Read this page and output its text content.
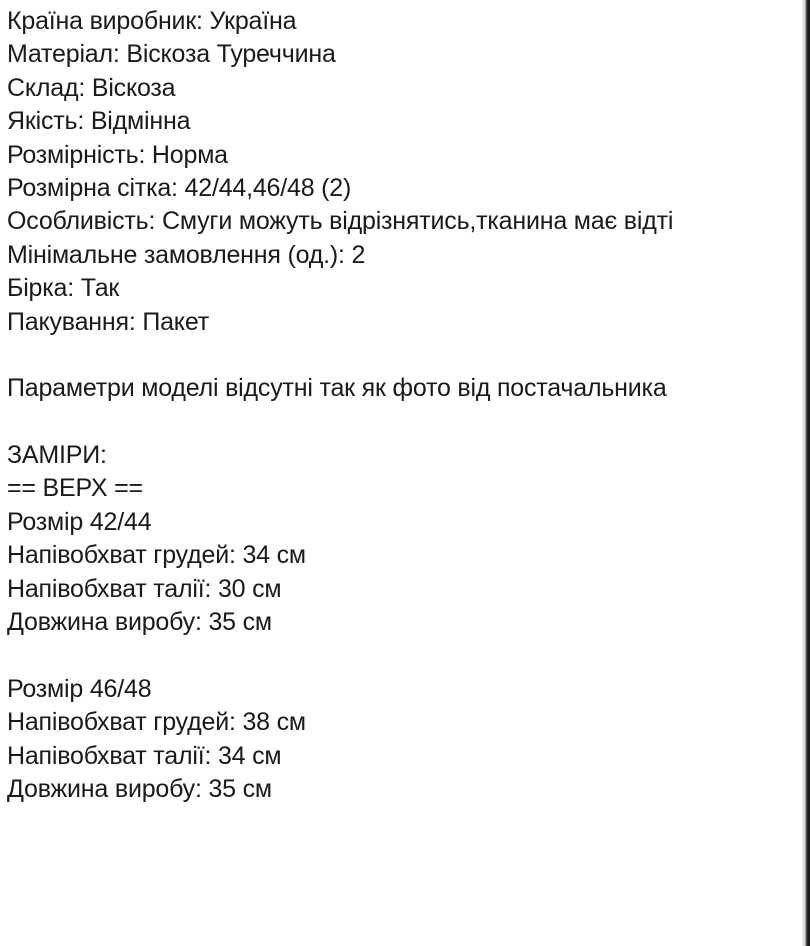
Країна виробник: Україна
Матеріал: Віскоза Туреччина
Склад: Віскоза
Якість: Відмінна
Розмірність: Норма
Розмірна сітка: 42/44,46/48 (2)
Особливість: Смуги можуть відрізнятись,тканина має відті
Мінімальне замовлення (од.): 2
Бірка: Так
Пакування: Пакет
Параметри моделі відсутні так як фото від постачальника
ЗАМІРИ:
== ВЕРХ ==
Розмір 42/44
Напівобхват грудей: 34 см
Напівобхват талії: 30 см
Довжина виробу: 35 см
Розмір 46/48
Напівобхват грудей: 38 см
Напівобхват талії: 34 см
Довжина виробу: 35 см
